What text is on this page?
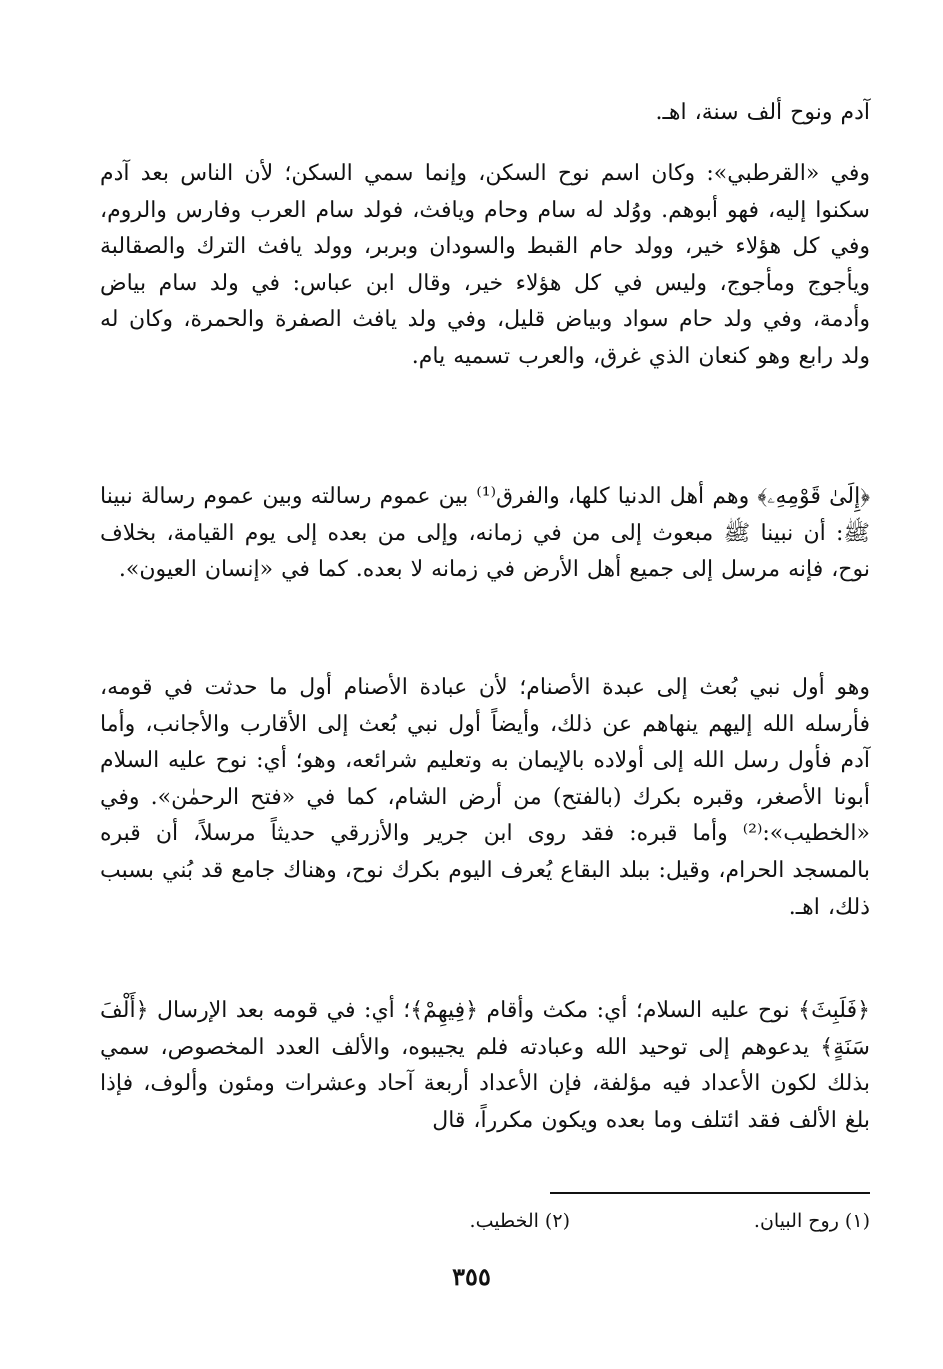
آدم ونوح ألف سنة، اهـ.

وفي «القرطبي»: وكان اسم نوح السكن، وإنما سمي السكن؛ لأن الناس بعد آدم سكنوا إليه، فهو أبوهم. ووُلد له سام وحام ويافث، فولد سام العرب وفارس والروم، وفي كل هؤلاء خير، وولد حام القبط والسودان وبربر، وولد يافث الترك والصقالبة ويأجوج ومأجوج، وليس في كل هؤلاء خير، وقال ابن عباس: في ولد سام بياض وأدمة، وفي ولد حام سواد وبياض قليل، وفي ولد يافث الصفرة والحمرة، وكان له ولد رابع وهو كنعان الذي غرق، والعرب تسميه يام.

﴿إِلَىٰ قَوْمِهِۦ﴾ وهم أهل الدنيا كلها، والفرق⁽¹⁾ بين عموم رسالته وبين عموم رسالة نبينا ﷺ: أن نبينا ﷺ مبعوث إلى من في زمانه، وإلى من بعده إلى يوم القيامة، بخلاف نوح، فإنه مرسل إلى جميع أهل الأرض في زمانه لا بعده. كما في «إنسان العيون».

وهو أول نبي بُعث إلى عبدة الأصنام؛ لأن عبادة الأصنام أول ما حدثت في قومه، فأرسله الله إليهم ينهاهم عن ذلك، وأيضاً أول نبي بُعث إلى الأقارب والأجانب، وأما آدم فأول رسل الله إلى أولاده بالإيمان به وتعليم شرائعه، وهو؛ أي: نوح عليه السلام أبونا الأصغر، وقبره بكرك (بالفتح) من أرض الشام، كما في «فتح الرحمٰن». وفي «الخطيب»:⁽²⁾ وأما قبره: فقد روى ابن جرير والأزرقي حديثاً مرسلاً، أن قبره بالمسجد الحرام، وقيل: ببلد البقاع يُعرف اليوم بكرك نوح، وهناك جامع قد بُني بسبب ذلك، اهـ.

﴿فَلَبِثَ﴾ نوح عليه السلام؛ أي: مكث وأقام ﴿فِيهِمْ﴾؛ أي: في قومه بعد الإرسال ﴿أَلْفَ سَنَةٍ﴾ يدعوهم إلى توحيد الله وعبادته فلم يجيبوه، والألف العدد المخصوص، سمي بذلك لكون الأعداد فيه مؤلفة، فإن الأعداد أربعة آحاد وعشرات ومئون وألوف، فإذا بلغ الألف فقد ائتلف وما بعده ويكون مكرراً، قال

(١) روح البيان.
(٢) الخطيب.
٣٥٥
